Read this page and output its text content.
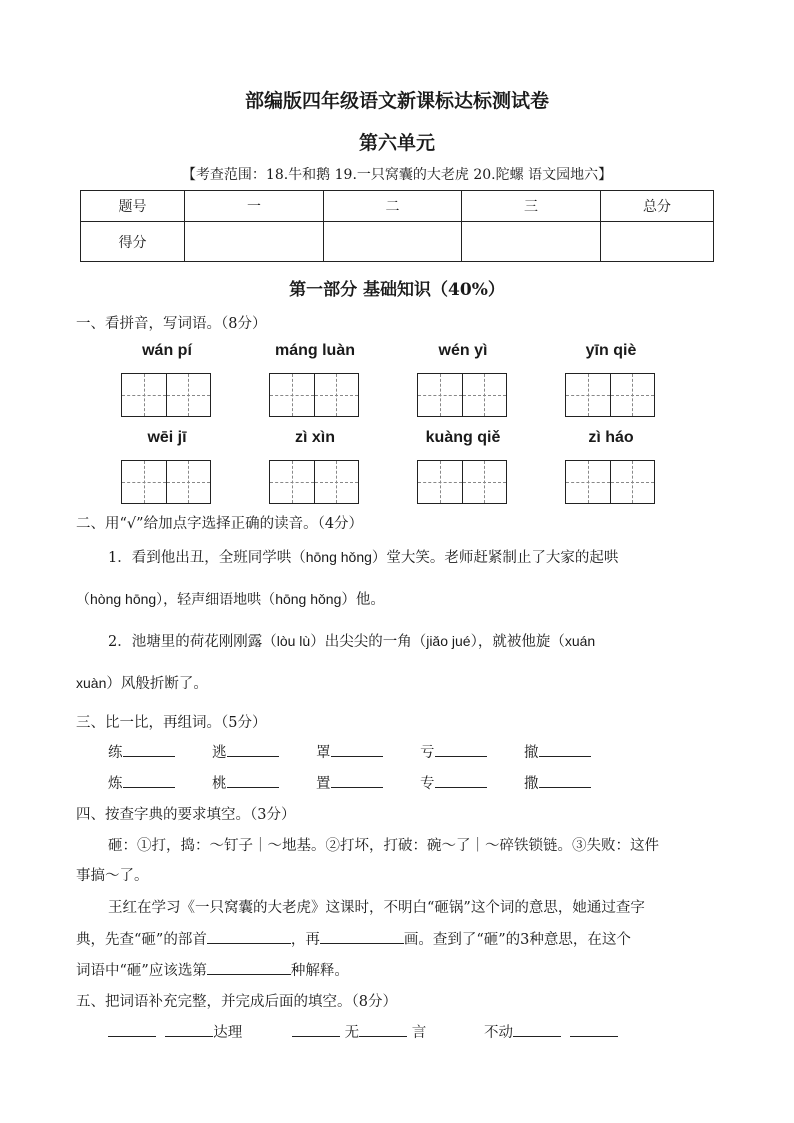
部编版四年级语文新课标达标测试卷
第六单元
【考查范围：18.牛和鹅 19.一只窝囊的大老虎 20.陀螺 语文园地六】
题号	一	二	三	总分
得分				
第一部分 基础知识（40%）
一、看拼音，写词语。（8分）
wán pí	máng luàn	wén yì	yīn qiè
wēi jī	zì xìn	kuàng qiě	zì háo
二、用“√”给加点字选择正确的读音。（4分）
1．看到他出丑，全班同学哄（hōng hǒng）堂大笑。老师赶紧制止了大家的起哄
（hòng hōng），轻声细语地哄（hōng hǒng）他。
2．池塘里的荷花刚刚露（lòu lù）出尖尖的一角（jiǎo jué），就被他旋（xuán
xuàn）风般折断了。
三、比一比，再组词。（5分）
练	逃	罩	亏	撤
炼	桃	置	专	撒
四、按查字典的要求填空。（3分）
砸：①打，捣：～钉子｜～地基。②打坏，打破：碗～了｜～碎铁锁链。③失败：这件
事搞～了。
王红在学习《一只窝囊的大老虎》这课时，不明白“砸锅”这个词的意思，她通过查字
典，先查“砸”的部首	，再	画。查到了“砸”的3种意思，在这个
词语中“砸”应该选第	种解释。
五、把词语补充完整，并完成后面的填空。（8分）
达理	无	言	不动
